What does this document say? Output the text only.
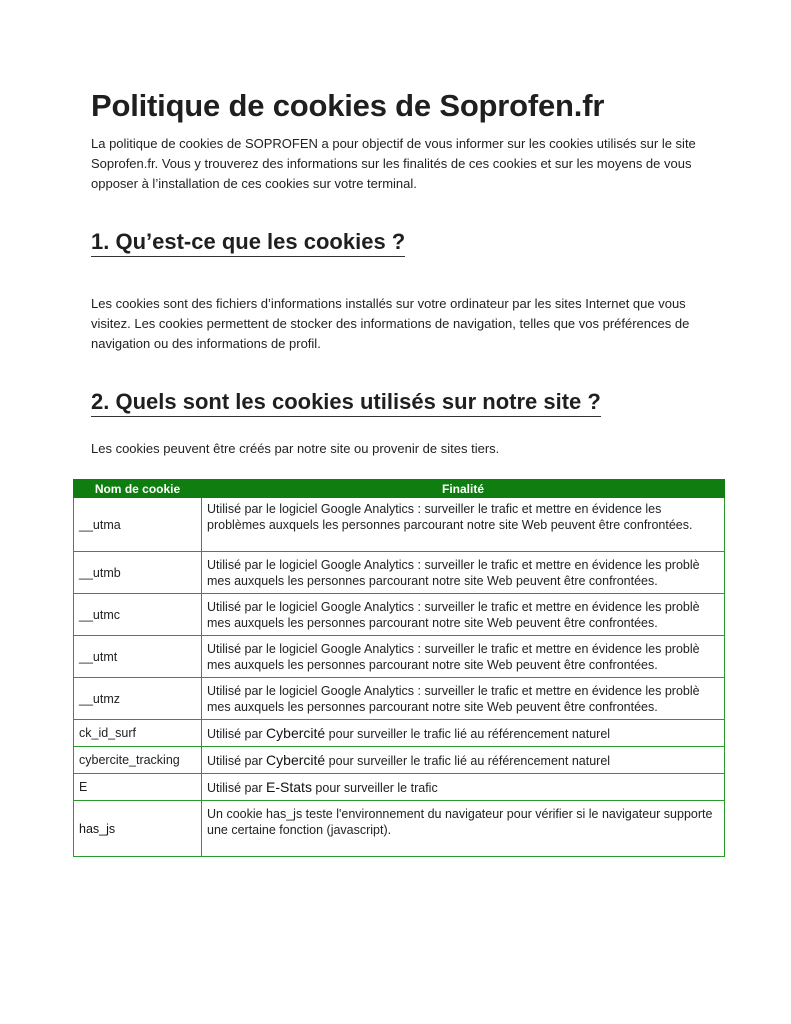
Politique de cookies de Soprofen.fr

La politique de cookies de SOPROFEN a pour objectif de vous informer sur les cookies utilisés sur le site Soprofen.fr. Vous y trouverez des informations sur les finalités de ces cookies et sur les moyens de vous opposer à l’installation de ces cookies sur votre terminal.

1. Qu’est-ce que les cookies ?

Les cookies sont des fichiers d’informations installés sur votre ordinateur par les sites Internet que vous visitez. Les cookies permettent de stocker des informations de navigation, telles que vos préférences de navigation ou des informations de profil.

2. Quels sont les cookies utilisés sur notre site ?

Les cookies peuvent être créés par notre site ou provenir de sites tiers.

Nom de cookie	Finalité
__utma	Utilisé par le logiciel Google Analytics : surveiller le trafic et mettre en évidence les problèmes auxquels les personnes parcourant notre site Web peuvent être confrontées.
__utmb	Utilisé par le logiciel Google Analytics : surveiller le trafic et mettre en évidence les problè mes auxquels les personnes parcourant notre site Web peuvent être confrontées.
__utmc	Utilisé par le logiciel Google Analytics : surveiller le trafic et mettre en évidence les problè mes auxquels les personnes parcourant notre site Web peuvent être confrontées.
__utmt	Utilisé par le logiciel Google Analytics : surveiller le trafic et mettre en évidence les problè mes auxquels les personnes parcourant notre site Web peuvent être confrontées.
__utmz	Utilisé par le logiciel Google Analytics : surveiller le trafic et mettre en évidence les problè mes auxquels les personnes parcourant notre site Web peuvent être confrontées.
ck_id_surf	Utilisé par Cybercité pour surveiller le trafic lié au référencement naturel
cybercite_tracking	Utilisé par Cybercité pour surveiller le trafic lié au référencement naturel
E	Utilisé par E-Stats pour surveiller le trafic
has_js	Un cookie has_js teste l'environnement du navigateur pour vérifier si le navigateur supporte une certaine fonction (javascript).
